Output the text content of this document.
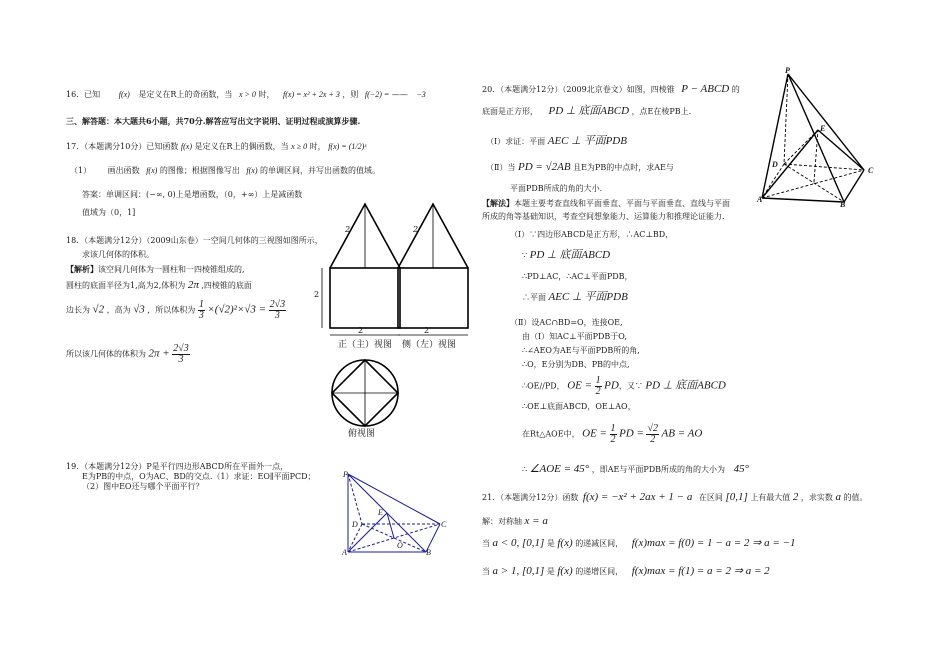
16．已知 f(x) 是定义在R上的奇函数，当 x > 0 时， f(x) = x² + 2x + 3 ，则 f(−2) = —— −3
三、解答题：本大题共6小题，共70分.解答应写出文字说明、证明过程或演算步骤.
17．（本题满分10分）已知函数 f(x) 是定义在R上的偶函数，当 x ≥ 0 时， f(x) = (1/2)ˣ
（1） 画出函数 f(x) 的图像；根据图像写出 f(x) 的单调区间，并写出函数的值域。
答案：单调区间：(−∞, 0)上是增函数，（0，+∞）上是减函数
值域为（0，1]
18．（本题满分12分）（2009山东卷）一空间几何体的三视图如图所示，
求该几何体的体积。
【解析】该空间几何体为一圆柱和一四棱锥组成的,
圆柱的底面半径为1,高为2,体积为 2π ,四棱锥的底面
边长为 √2 ，高为 √3 ，所以体积为 $\frac{1}{3} \times(√2)^2\times√3 = \frac{2√3}{3}$
所以该几何体的体积为 $2\pi + \frac{2√3}{3}$
2
2	2
2	2
正（主）视图 侧（左）视图
俯视图
19．（本题满分12分）P是平行四边形ABCD所在平面外一点，
E为PB的中点，O为AC、BD的交点.（1）求证：EO∥平面PCD；
（2）图中EO还与哪个平面平行？
P
E
D	C
O
A	B
20．（本题满分12分）（2009北京卷文）如图，四棱锥 P − ABCD 的
底面是正方形， PD ⊥ 底面ABCD ，点E在棱PB上.
（Ⅰ）求证：平面 AEC ⊥ 平面PDB
（Ⅱ）当 PD = √2AB 且E为PB的中点时，求AE与
平面PDB所成的角的大小.
【解法】本题主要考查直线和平面垂直、平面与平面垂直、直线与平面
所成的角等基础知识，考查空间想象能力、运算能力和推理论证能力.
（Ⅰ）∵四边形ABCD是正方形，∴AC⊥BD，
∵ PD ⊥ 底面ABCD
∴PD⊥AC，∴AC⊥平面PDB，
∴平面 AEC ⊥ 平面PDB
（Ⅱ）设AC∩BD=O，连接OE,
由（Ⅰ）知AC⊥平面PDB于O,
∴∠AEO为AE与平面PDB所的角,
∴O，E分别为DB、PB的中点,
∴OE//PD， OE = $\frac{1}{2}$ PD，又∵ PD ⊥ 底面ABCD
∴OE⊥底面ABCD，OE⊥AO，
在Rt△AOE中， OE = $\frac{1}{2}$ PD = $\frac{√2}{2}$ AB = AO
∴ ∠AOE = 45° ，即AE与平面PDB所成的角的大小为 45°
P
E
D
C
A
B
21．（本题满分12分）函数 f(x) = −x² + 2ax + 1 − a 在区间 [0,1] 上有最大值 2 ，求实数 a 的值。
解：对称轴 x = a
当 a < 0, [0,1] 是 f(x) 的递减区间， f(x)max = f(0) = 1 − a = 2 ⇒ a = −1
当 a > 1, [0,1] 是 f(x) 的递增区间， f(x)max = f(1) = a = 2 ⇒ a = 2
